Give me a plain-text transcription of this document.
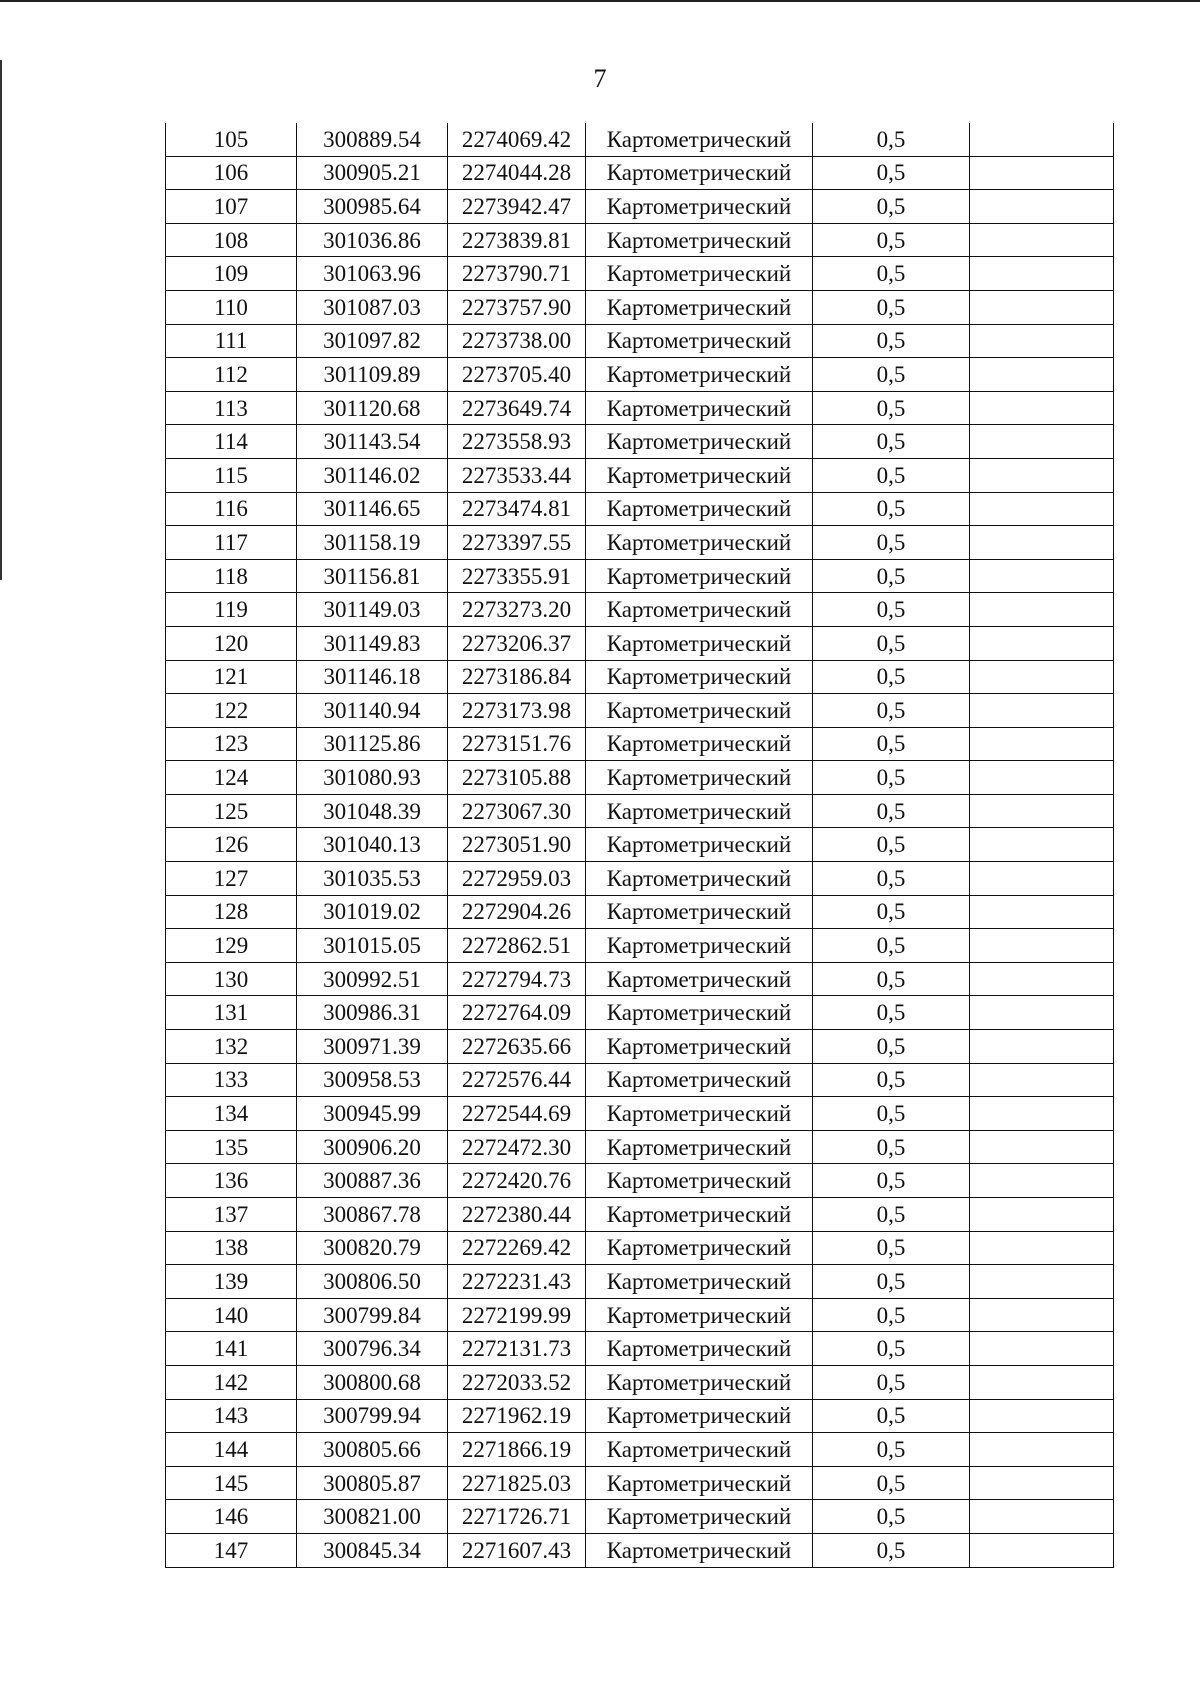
7
105	300889.54	2274069.42	Картометрический	0,5	
106	300905.21	2274044.28	Картометрический	0,5	
107	300985.64	2273942.47	Картометрический	0,5	
108	301036.86	2273839.81	Картометрический	0,5	
109	301063.96	2273790.71	Картометрический	0,5	
110	301087.03	2273757.90	Картометрический	0,5	
111	301097.82	2273738.00	Картометрический	0,5	
112	301109.89	2273705.40	Картометрический	0,5	
113	301120.68	2273649.74	Картометрический	0,5	
114	301143.54	2273558.93	Картометрический	0,5	
115	301146.02	2273533.44	Картометрический	0,5	
116	301146.65	2273474.81	Картометрический	0,5	
117	301158.19	2273397.55	Картометрический	0,5	
118	301156.81	2273355.91	Картометрический	0,5	
119	301149.03	2273273.20	Картометрический	0,5	
120	301149.83	2273206.37	Картометрический	0,5	
121	301146.18	2273186.84	Картометрический	0,5	
122	301140.94	2273173.98	Картометрический	0,5	
123	301125.86	2273151.76	Картометрический	0,5	
124	301080.93	2273105.88	Картометрический	0,5	
125	301048.39	2273067.30	Картометрический	0,5	
126	301040.13	2273051.90	Картометрический	0,5	
127	301035.53	2272959.03	Картометрический	0,5	
128	301019.02	2272904.26	Картометрический	0,5	
129	301015.05	2272862.51	Картометрический	0,5	
130	300992.51	2272794.73	Картометрический	0,5	
131	300986.31	2272764.09	Картометрический	0,5	
132	300971.39	2272635.66	Картометрический	0,5	
133	300958.53	2272576.44	Картометрический	0,5	
134	300945.99	2272544.69	Картометрический	0,5	
135	300906.20	2272472.30	Картометрический	0,5	
136	300887.36	2272420.76	Картометрический	0,5	
137	300867.78	2272380.44	Картометрический	0,5	
138	300820.79	2272269.42	Картометрический	0,5	
139	300806.50	2272231.43	Картометрический	0,5	
140	300799.84	2272199.99	Картометрический	0,5	
141	300796.34	2272131.73	Картометрический	0,5	
142	300800.68	2272033.52	Картометрический	0,5	
143	300799.94	2271962.19	Картометрический	0,5	
144	300805.66	2271866.19	Картометрический	0,5	
145	300805.87	2271825.03	Картометрический	0,5	
146	300821.00	2271726.71	Картометрический	0,5	
147	300845.34	2271607.43	Картометрический	0,5	
